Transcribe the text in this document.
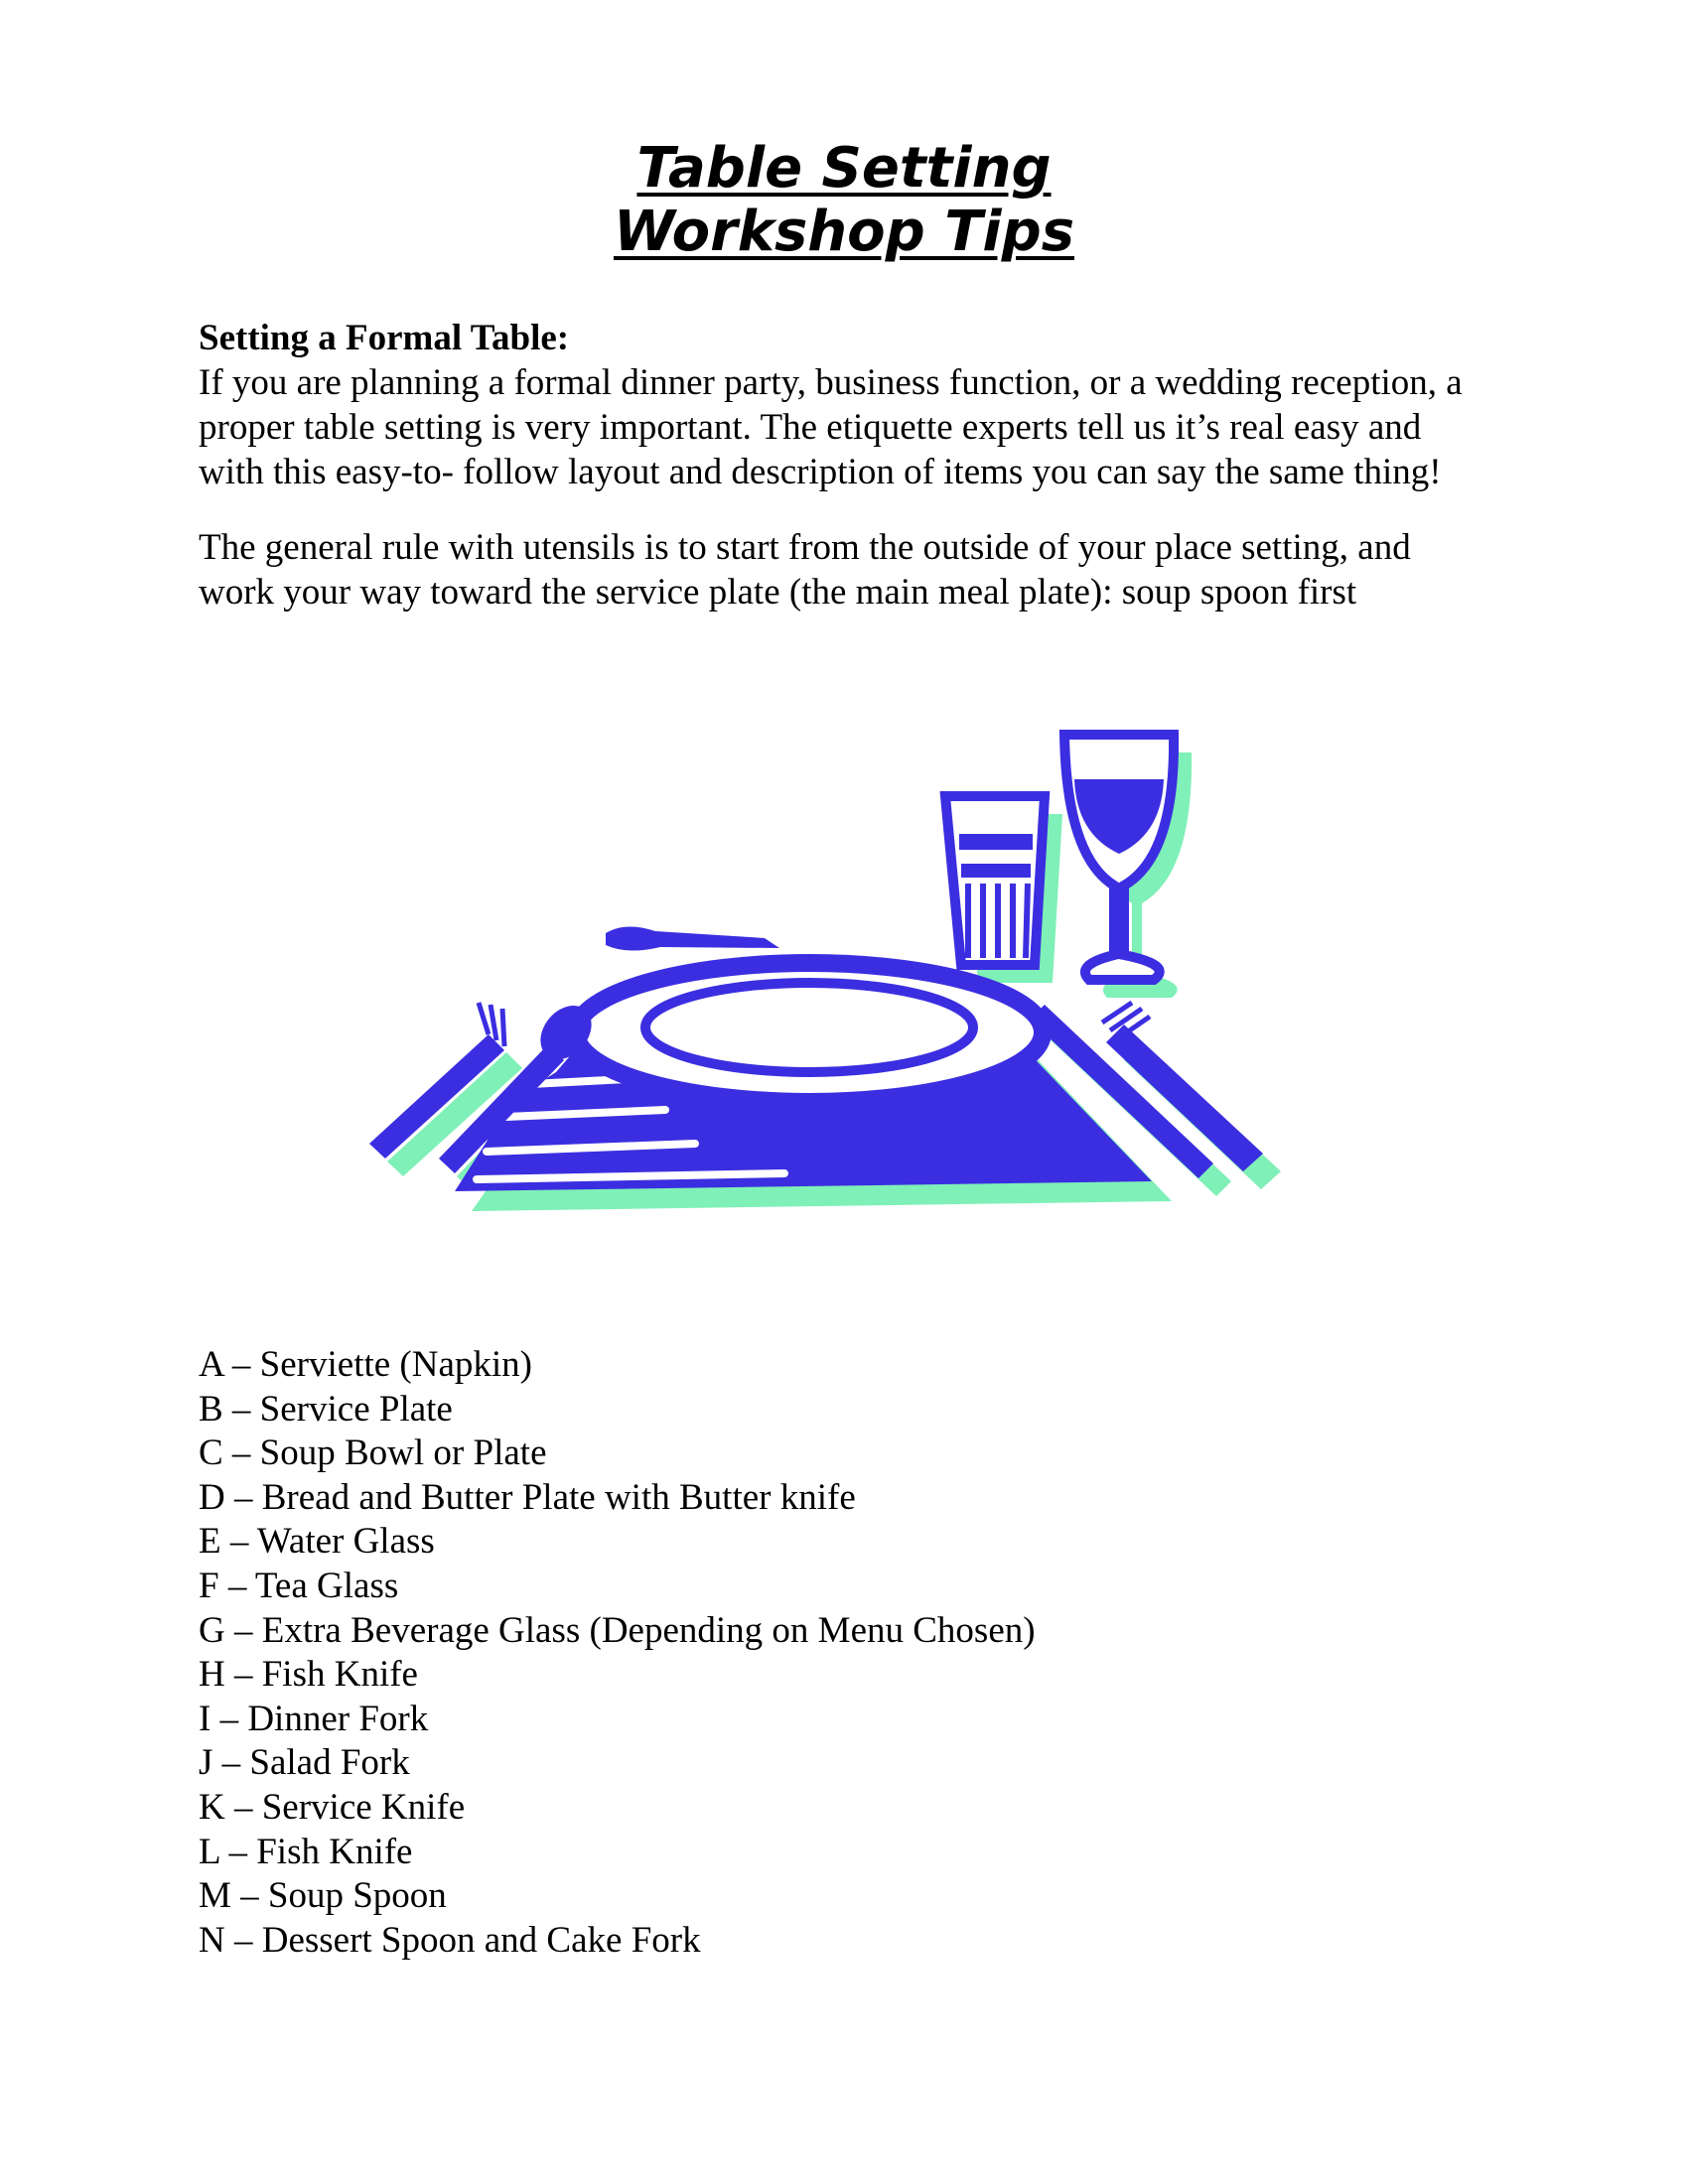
Table Setting
Workshop Tips

Setting a Formal Table:

If you are planning a formal dinner party, business function, or a wedding reception, a proper table setting is very important. The etiquette experts tell us it’s real easy and with this easy-to- follow layout and description of items you can say the same thing!

The general rule with utensils is to start from the outside of your place setting, and work your way toward the service plate (the main meal plate): soup spoon first

A – Serviette (Napkin)
B – Service Plate
C – Soup Bowl or Plate
D – Bread and Butter Plate with Butter knife
E – Water Glass
F – Tea Glass
G – Extra Beverage Glass (Depending on Menu Chosen)
H – Fish Knife
I – Dinner Fork
J – Salad Fork
K – Service Knife
L – Fish Knife
M – Soup Spoon
N – Dessert Spoon and Cake Fork
